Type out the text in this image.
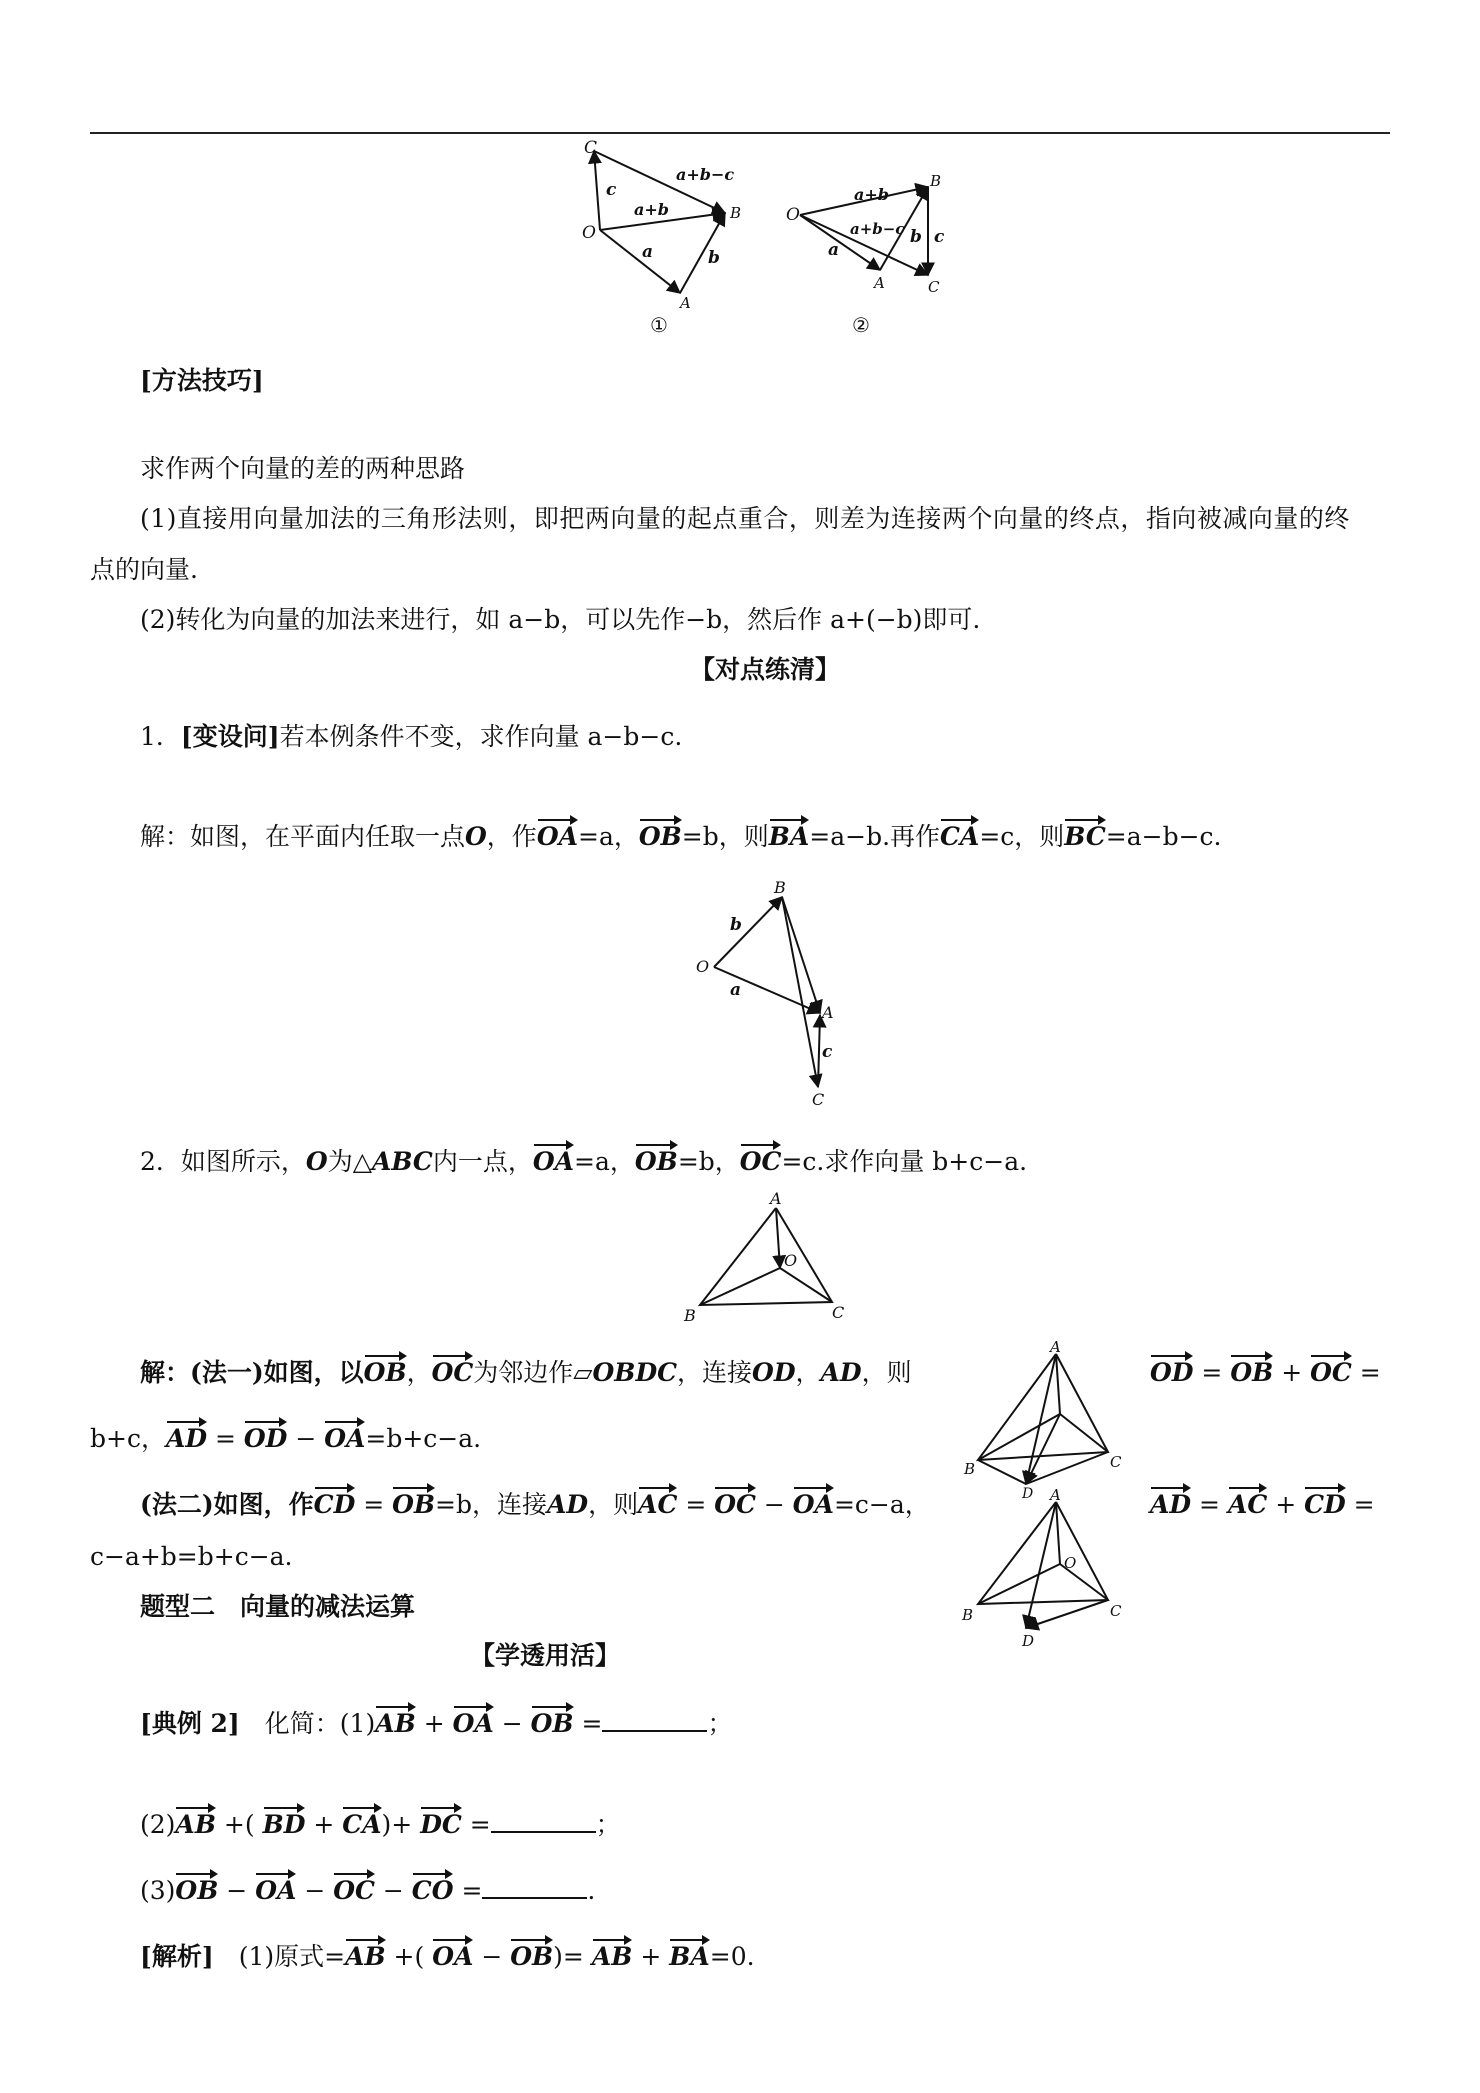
C
O
A
B
c
a+b
a+b−c
a	b
①
O
A
B
C
a+b
a+b−c
a
b c
②
[方法技巧]
求作两个向量的差的两种思路
(1)直接用向量加法的三角形法则，即把两向量的起点重合，则差为连接两个向量的终点，指向被减向量的终
点的向量.
(2)转化为向量的加法来进行，如 a−b，可以先作−b，然后作 a+(−b)即可.
【对点练清】
1．[变设问]若本例条件不变，求作向量 a−b−c.
解：如图，在平面内任取一点O，作OA=a，OB=b，则BA=a−b.再作CA=c，则BC=a−b−c.
B
O
A
C
a
b
c
2．如图所示，O为△ABC内一点，OA=a，OB=b，OC=c.求作向量 b+c−a.
A
B	C
O
解：(法一)如图，以OB，OC为邻边作▱OBDC，连接OD，AD，则	OD = OB + OC =
b+c，AD = OD − OA=b+c−a.
A
B	C
D
(法二)如图，作CD = OB=b，连接AD，则AC = OC − OA=c−a，	AD = AC + CD =
c−a+b=b+c−a.
A
B	C
O
D
题型二　向量的减法运算
【学透用活】
[典例 2]　 化简：(1)AB + OA − OB =	；
(2)AB +( BD + CA)+ DC =	；
(3)OB − OA − OC − CO =	.
[解析]　 (1)原式=AB +( OA − OB)= AB + BA=0.
